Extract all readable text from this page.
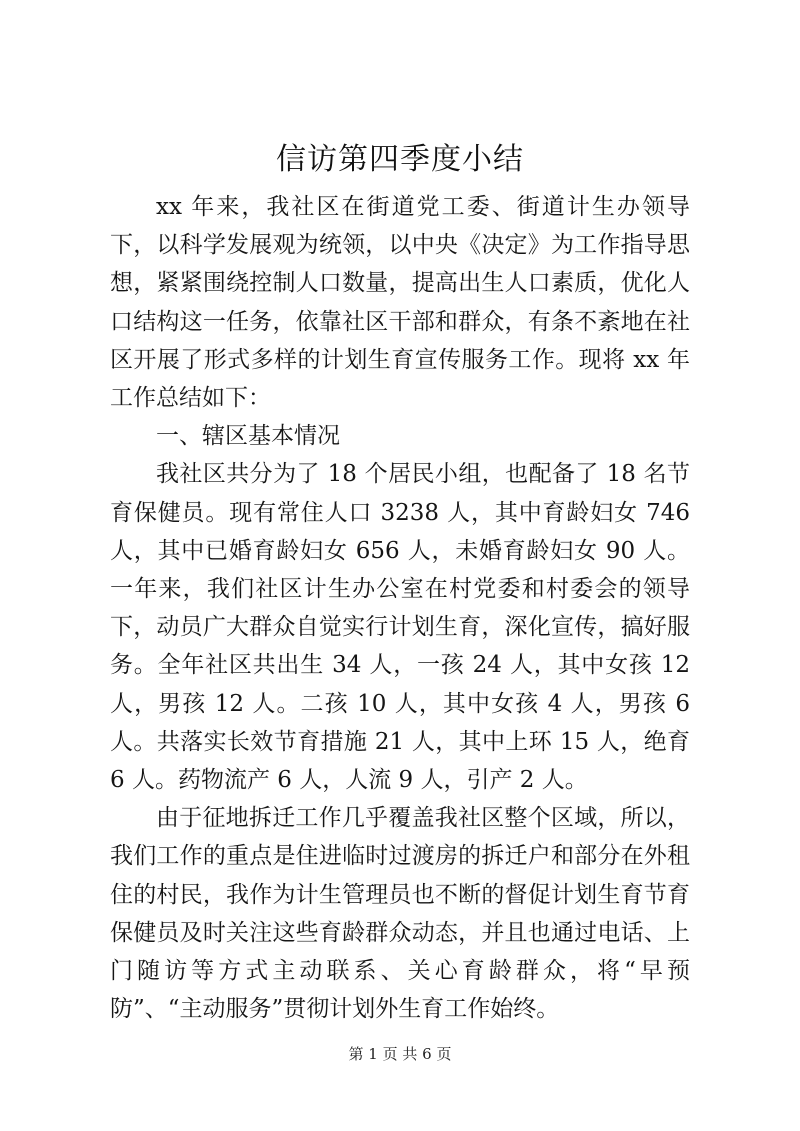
信访第四季度小结

xx 年来，我社区在街道党工委、街道计生办领导下，以科学发展观为统领，以中央《决定》为工作指导思想，紧紧围绕控制人口数量，提高出生人口素质，优化人口结构这一任务，依靠社区干部和群众，有条不紊地在社区开展了形式多样的计划生育宣传服务工作。现将 xx 年工作总结如下：

一、辖区基本情况

我社区共分为了 18 个居民小组，也配备了 18 名节育保健员。现有常住人口 3238 人，其中育龄妇女 746 人，其中已婚育龄妇女 656 人，未婚育龄妇女 90 人。一年来，我们社区计生办公室在村党委和村委会的领导下，动员广大群众自觉实行计划生育，深化宣传，搞好服务。全年社区共出生 34 人，一孩 24 人，其中女孩 12 人，男孩 12 人。二孩 10 人，其中女孩 4 人，男孩 6 人。共落实长效节育措施 21 人，其中上环 15 人，绝育 6 人。药物流产 6 人，人流 9 人，引产 2 人。

由于征地拆迁工作几乎覆盖我社区整个区域，所以，我们工作的重点是住进临时过渡房的拆迁户和部分在外租住的村民，我作为计生管理员也不断的督促计划生育节育保健员及时关注这些育龄群众动态，并且也通过电话、上门随访等方式主动联系、关心育龄群众，将“早预防”、“主动服务”贯彻计划外生育工作始终。

第 1 页 共 6 页
